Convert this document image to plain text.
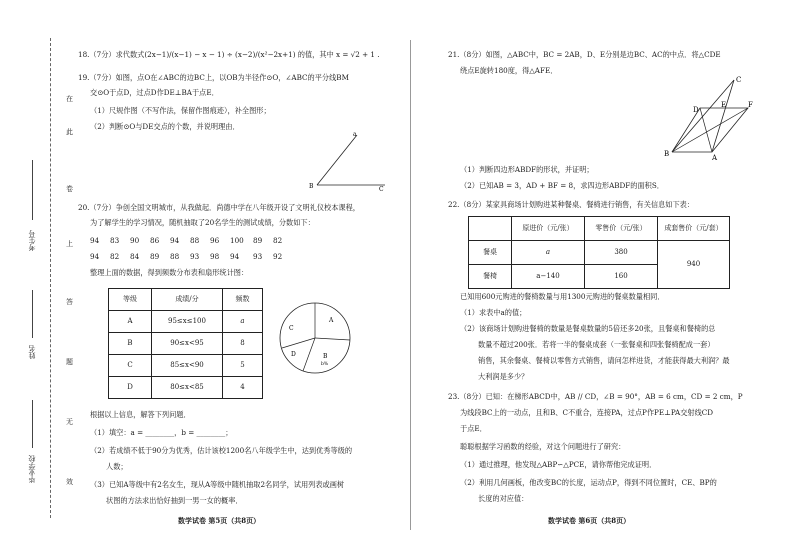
考生号
姓名
毕业学校
在
此
卷
上
答
题
无
效
18.（7分）求代数式(2x−1)/(x−1) − x − 1) ÷ (x−2)/(x²−2x+1) 的值，其中 x = √2 + 1 .
19.（7分）如图，点O在∠ABC的边BC上，以OB为半径作⊙O，∠ABC的平分线BM
交⊙O于点D，过点D作DE⊥BA于点E．
（1）尺规作图（不写作法，保留作图痕迹），补全图形；
（2）判断⊙O与DE交点的个数，并说明理由．
B
a
C
20.（7分）争创全国文明城市，从我做起．尚德中学在八年级开设了文明礼仪校本课程，
为了解学生的学习情况，随机抽取了20名学生的测试成绩，分数如下：
94 83 90 86 94 88 96 100 89 82
94 82 84 89 88 93 98 94 93 92
整理上面的数据，得到频数分布表和扇形统计图：
等级	成绩/分	频数
A	95≤x≤100	a
B	90≤x<95	8
C	85≤x<90	5
D	80≤x<85	4
A
B
b%
C
D
根据以上信息，解答下列问题．
（1）填空：a = ________，b = ________；
（2）若成绩不低于90分为优秀，估计该校1200名八年级学生中，达到优秀等级的
人数；
（3）已知A等级中有2名女生，现从A等级中随机抽取2名同学，试用列表或画树
状图的方法求出恰好抽到一男一女的概率．
数学试卷 第5页（共8页）
21.（8分）如图，△ABC中，BC = 2AB，D、E分别是边BC、AC的中点．将△CDE
绕点E旋转180度，得△AFE．
B	A
C
D
E	F
（1）判断四边形ABDF的形状，并证明；
（2）已知AB = 3，AD + BF = 8，求四边形ABDF的面积S．
22.（8分）某家具商场计划购进某种餐桌、餐椅进行销售，有关信息如下表：
	原进价（元/张）	零售价（元/张）	成套售价（元/套）
餐桌	a	380	940
餐椅	a−140	160	
已知用600元购进的餐椅数量与用1300元购进的餐桌数量相同．
（1）求表中a的值；
（2）该商场计划购进餐椅的数量是餐桌数量的5倍还多20张，且餐桌和餐椅的总
数量不超过200张．若将一半的餐桌成套（一张餐桌和四张餐椅配成一套）
销售，其余餐桌、餐椅以零售方式销售，请问怎样进货，才能获得最大利润？最
大利润是多少？
23.（8分）已知：在梯形ABCD中，AB // CD，∠B = 90°，AB = 6 cm，CD = 2 cm，P
为线段BC上的一动点，且和B、C不重合，连接PA，过点P作PE⊥PA交射线CD
于点E．
聪聪根据学习函数的经验，对这个问题进行了研究：
（1）通过推理，他发现△ABP∽△PCE，请你帮他完成证明．
（2）利用几何画板，他改变BC的长度，运动点P，得到不同位置时，CE、BP的
长度的对应值：
数学试卷 第6页（共8页）
